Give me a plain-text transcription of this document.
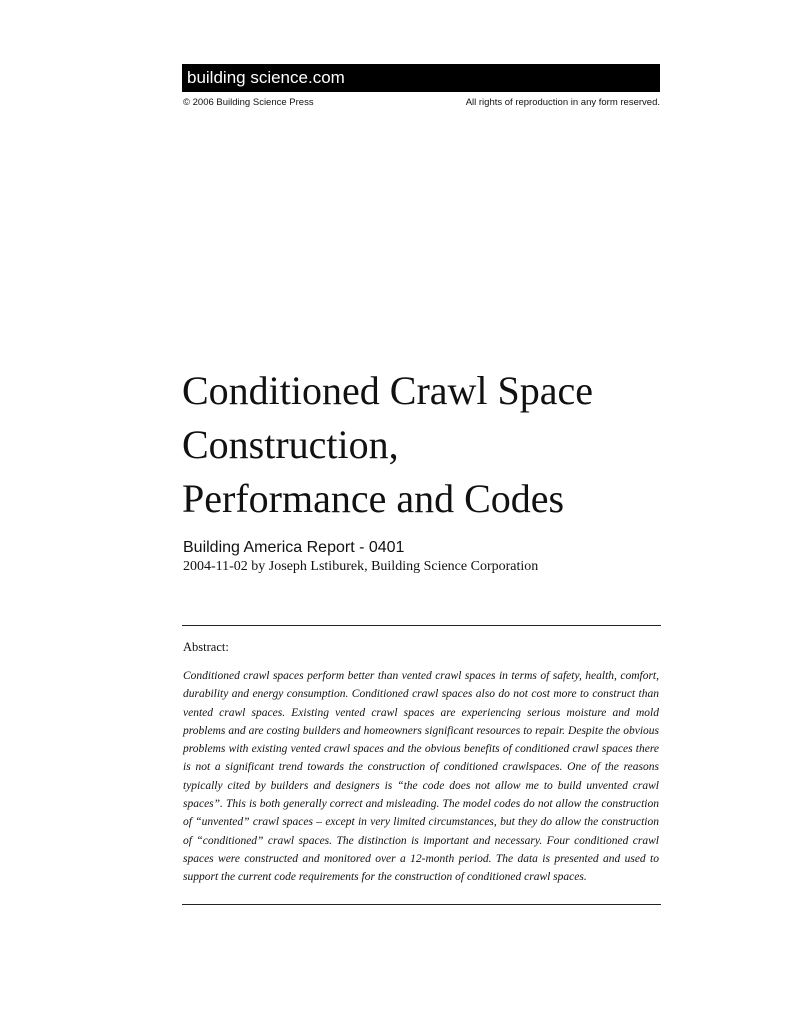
building science.com
© 2006 Building Science Press	All rights of reproduction in any form reserved.
Conditioned Crawl Space
Construction,
Performance and Codes
Building America Report - 0401
2004-11-02 by Joseph Lstiburek, Building Science Corporation
Abstract:

Conditioned crawl spaces perform better than vented crawl spaces in terms of safety, health, comfort, durability and energy consumption. Conditioned crawl spaces also do not cost more to construct than vented crawl spaces. Existing vented crawl spaces are experiencing serious moisture and mold problems and are costing builders and homeowners significant resources to repair. Despite the obvious problems with existing vented crawl spaces and the obvious benefits of conditioned crawl spaces there is not a significant trend towards the construction of conditioned crawlspaces. One of the reasons typically cited by builders and designers is “the code does not allow me to build unvented crawl spaces”. This is both generally correct and misleading. The model codes do not allow the construction of “unvented” crawl spaces – except in very limited circumstances, but they do allow the construction of “conditioned” crawl spaces. The distinction is important and necessary. Four conditioned crawl spaces were constructed and monitored over a 12-month period. The data is presented and used to support the current code requirements for the construction of conditioned crawl spaces.
